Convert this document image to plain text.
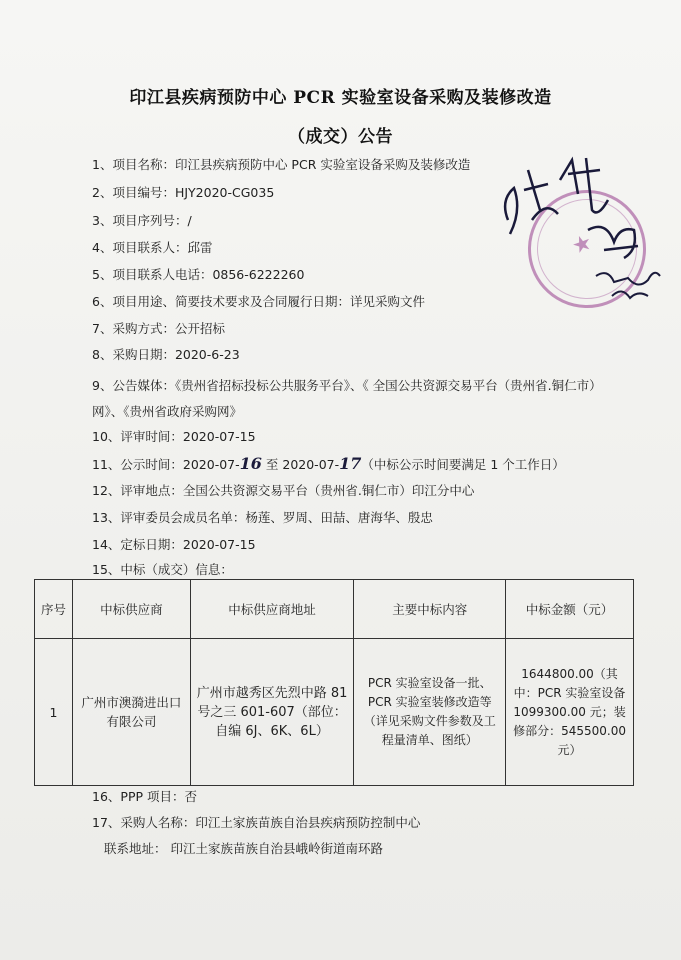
印江县疾病预防中心 PCR 实验室设备采购及装修改造
（成交）公告
1、项目名称：印江县疾病预防中心 PCR 实验室设备采购及装修改造
2、项目编号：HJY2020-CG035
3、项目序列号：/
4、项目联系人：邱雷
5、项目联系人电话：0856-6222260
6、项目用途、简要技术要求及合同履行日期：详见采购文件
7、采购方式：公开招标
8、采购日期：2020-6-23
9、公告媒体：《贵州省招标投标公共服务平台》、《 全国公共资源交易平台（贵州省.铜仁市）网》、《贵州省政府采购网》
10、评审时间：2020-07-15
11、公示时间：2020-07-16 至 2020-07-17（中标公示时间要满足 1 个工作日）
12、评审地点：全国公共资源交易平台（贵州省.铜仁市）印江分中心
13、评审委员会成员名单：杨莲、罗周、田喆、唐海华、殷忠
14、定标日期：2020-07-15
15、中标（成交）信息：
序号	中标供应商	中标供应商地址	主要中标内容	中标金额（元）
1	广州市澳漪进出口有限公司	广州市越秀区先烈中路 81 号之三 601-607（部位：自编 6J、6K、6L）	PCR 实验室设备一批、PCR 实验室装修改造等（详见采购文件参数及工程量清单、图纸）	1644800.00（其中：PCR 实验室设备 1099300.00 元；装修部分：545500.00 元）
16、PPP 项目：否
17、采购人名称：印江土家族苗族自治县疾病预防控制中心
联系地址： 印江土家族苗族自治县峨岭街道南环路
★
